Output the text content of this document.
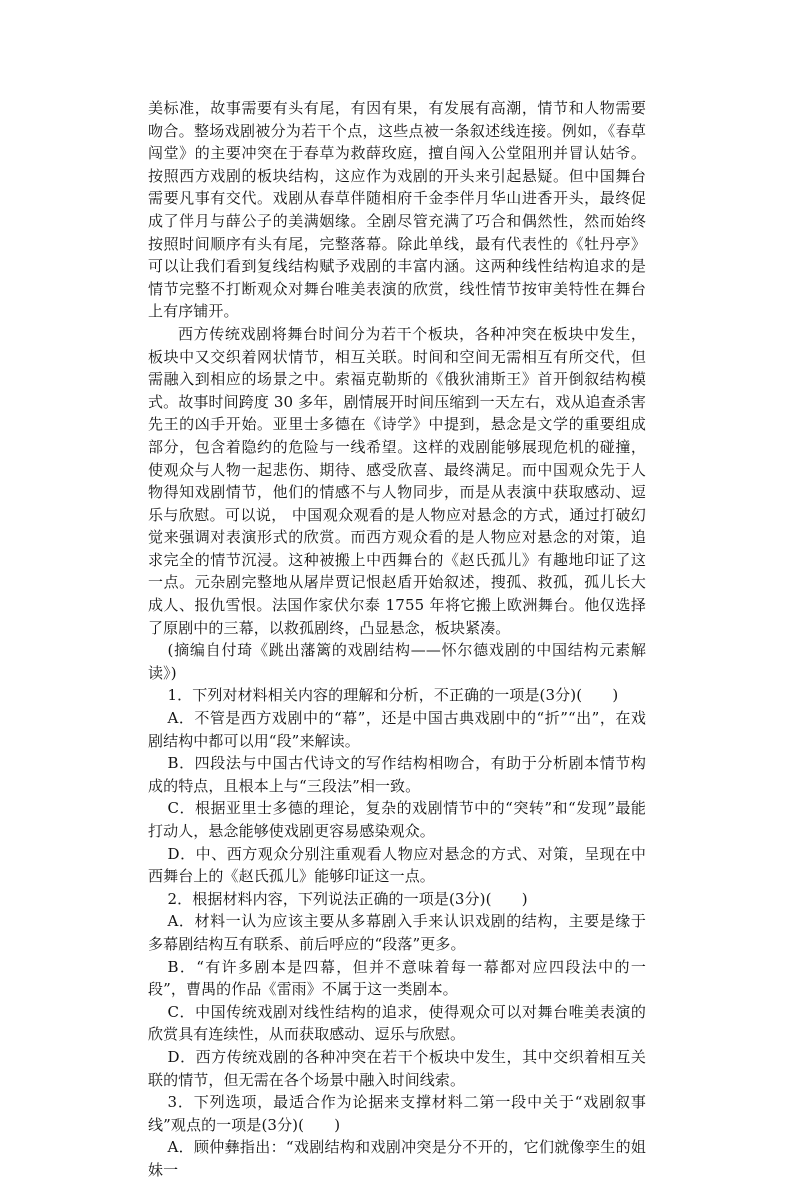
美标准，故事需要有头有尾，有因有果，有发展有高潮，情节和人物需要吻合。整场戏剧被分为若干个点，这些点被一条叙述线连接。例如，《春草闯堂》的主要冲突在于春草为救薛玫庭，擅自闯入公堂阻刑并冒认姑爷。按照西方戏剧的板块结构，这应作为戏剧的开头来引起悬疑。但中国舞台需要凡事有交代。戏剧从春草伴随相府千金李伴月华山进香开头，最终促成了伴月与薛公子的美满姻缘。全剧尽管充满了巧合和偶然性，然而始终按照时间顺序有头有尾，完整落幕。除此单线，最有代表性的《牡丹亭》可以让我们看到复线结构赋予戏剧的丰富内涵。这两种线性结构追求的是情节完整不打断观众对舞台唯美表演的欣赏，线性情节按审美特性在舞台上有序铺开。

西方传统戏剧将舞台时间分为若干个板块，各种冲突在板块中发生，板块中又交织着网状情节，相互关联。时间和空间无需相互有所交代，但需融入到相应的场景之中。索福克勒斯的《俄狄浦斯王》首开倒叙结构模式。故事时间跨度 30 多年，剧情展开时间压缩到一天左右，戏从追查杀害先王的凶手开始。亚里士多德在《诗学》中提到，悬念是文学的重要组成部分，包含着隐约的危险与一线希望。这样的戏剧能够展现危机的碰撞，使观众与人物一起悲伤、期待、感受欣喜、最终满足。而中国观众先于人物得知戏剧情节，他们的情感不与人物同步，而是从表演中获取感动、逗乐与欣慰。可以说， 中国观众观看的是人物应对悬念的方式，通过打破幻觉来强调对表演形式的欣赏。而西方观众看的是人物应对悬念的对策，追求完全的情节沉浸。这种被搬上中西舞台的《赵氏孤儿》有趣地印证了这一点。元杂剧完整地从屠岸贾记恨赵盾开始叙述，搜孤、救孤，孤儿长大成人、报仇雪恨。法国作家伏尔泰 1755 年将它搬上欧洲舞台。他仅选择了原剧中的三幕，以救孤剧终，凸显悬念，板块紧凑。

(摘编自付琦《跳出藩篱的戏剧结构——怀尔德戏剧的中国结构元素解读》)

1．下列对材料相关内容的理解和分析，不正确的一项是(3分)(　　)

A．不管是西方戏剧中的“幕”，还是中国古典戏剧中的“折”“出”，在戏剧结构中都可以用“段”来解读。

B．四段法与中国古代诗文的写作结构相吻合，有助于分析剧本情节构成的特点，且根本上与“三段法”相一致。

C．根据亚里士多德的理论，复杂的戏剧情节中的“突转”和“发现”最能打动人，悬念能够使戏剧更容易感染观众。

D．中、西方观众分别注重观看人物应对悬念的方式、对策，呈现在中西舞台上的《赵氏孤儿》能够印证这一点。

2．根据材料内容，下列说法正确的一项是(3分)(　　)

A．材料一认为应该主要从多幕剧入手来认识戏剧的结构，主要是缘于多幕剧结构互有联系、前后呼应的“段落”更多。

B．“有许多剧本是四幕，但并不意味着每一幕都对应四段法中的一段”，曹禺的作品《雷雨》不属于这一类剧本。

C．中国传统戏剧对线性结构的追求，使得观众可以对舞台唯美表演的欣赏具有连续性，从而获取感动、逗乐与欣慰。

D．西方传统戏剧的各种冲突在若干个板块中发生，其中交织着相互关联的情节，但无需在各个场景中融入时间线索。

3．下列选项，最适合作为论据来支撑材料二第一段中关于“戏剧叙事线”观点的一项是(3分)(　　)

A．顾仲彝指出：“戏剧结构和戏剧冲突是分不开的，它们就像孪生的姐妹一
